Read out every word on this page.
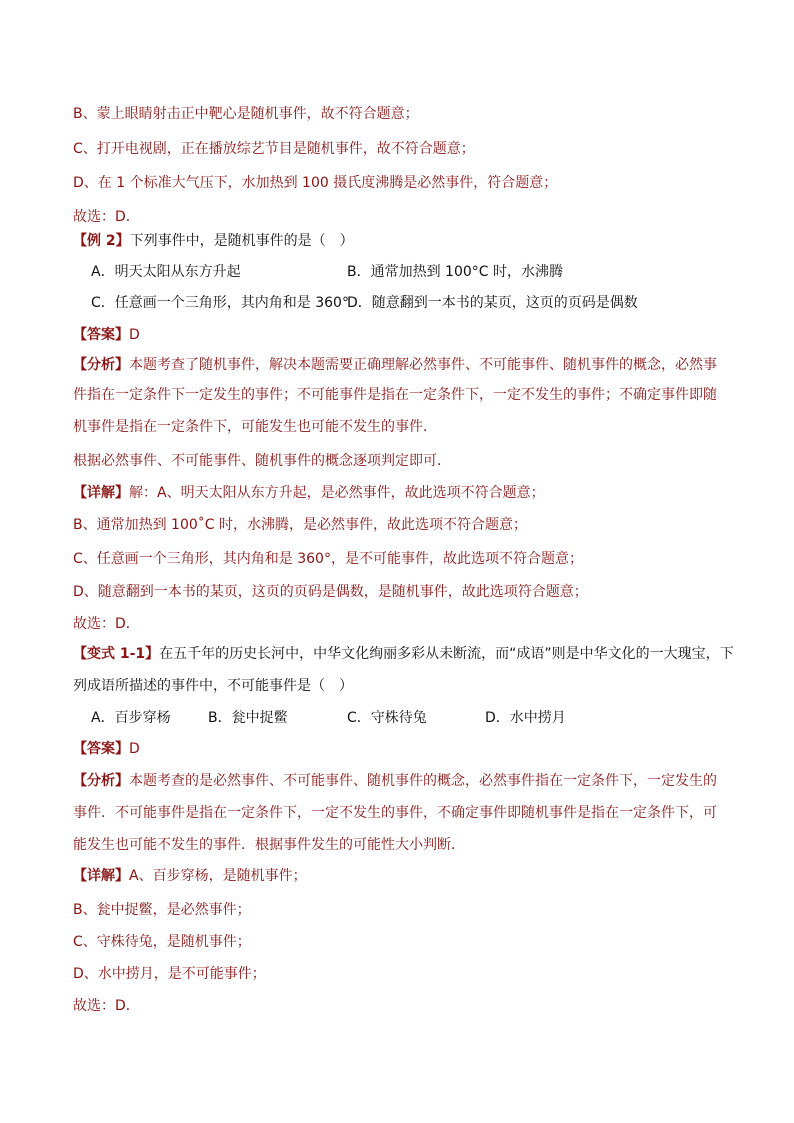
B、蒙上眼睛射击正中靶心是随机事件，故不符合题意；
C、打开电视剧，正在播放综艺节目是随机事件，故不符合题意；
D、在 1 个标准大气压下，水加热到 100 摄氏度沸腾是必然事件，符合题意；
故选：D．
【例 2】下列事件中，是随机事件的是（　）
A．明天太阳从东方升起	B．通常加热到 100°C 时，水沸腾
C．任意画一个三角形，其内角和是 360°
D．随意翻到一本书的某页，这页的页码是偶数
【答案】D
【分析】本题考查了随机事件，解决本题需要正确理解必然事件、不可能事件、随机事件的概念，必然事
件指在一定条件下一定发生的事件；不可能事件是指在一定条件下，一定不发生的事件；不确定事件即随
机事件是指在一定条件下，可能发生也可能不发生的事件．
根据必然事件、不可能事件、随机事件的概念逐项判定即可．
【详解】解：A、明天太阳从东方升起，是必然事件，故此选项不符合题意；
B、通常加热到 100˚C 时，水沸腾，是必然事件，故此选项不符合题意；
C、任意画一个三角形，其内角和是 360°，是不可能事件，故此选项不符合题意；
D、随意翻到一本书的某页，这页的页码是偶数，是随机事件，故此选项符合题意；
故选：D．
【变式 1-1】在五千年的历史长河中，中华文化绚丽多彩从未断流，而“成语”则是中华文化的一大瑰宝，下
列成语所描述的事件中，不可能事件是（　）
A．百步穿杨	B．瓮中捉鳖	C．守株待兔	D．水中捞月
【答案】D
【分析】本题考查的是必然事件、不可能事件、随机事件的概念，必然事件指在一定条件下，一定发生的
事件．不可能事件是指在一定条件下，一定不发生的事件，不确定事件即随机事件是指在一定条件下，可
能发生也可能不发生的事件．根据事件发生的可能性大小判断．
【详解】A、百步穿杨，是随机事件；
B、瓮中捉鳖，是必然事件；
C、守株待兔，是随机事件；
D、水中捞月，是不可能事件；
故选：D．
